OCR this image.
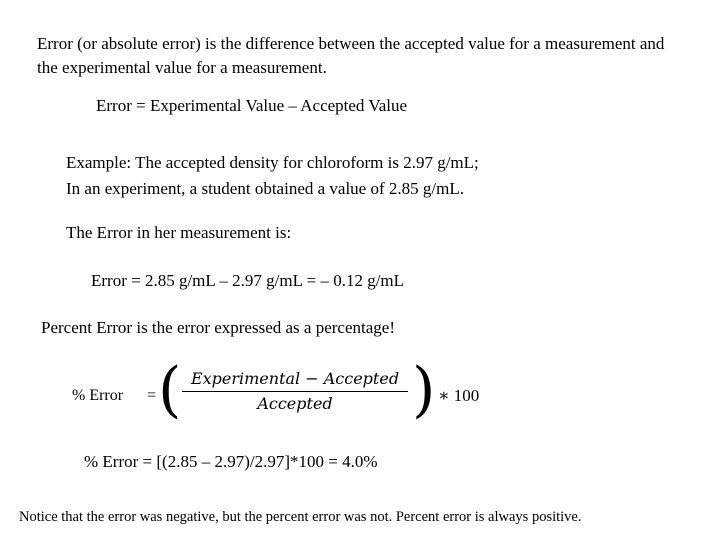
Error (or absolute error) is the difference between the accepted value for a measurement and the experimental value for a measurement.
Error = Experimental Value – Accepted Value
Example: The accepted density for chloroform is 2.97 g/mL;
In an experiment, a student obtained a value of 2.85 g/mL.
The Error in her measurement is:
Error = 2.85 g/mL – 2.97 g/mL = – 0.12 g/mL
Percent Error is the error expressed as a percentage!
% Error = ( Experimental − Accepted
Accepted	) ∗ 100
% Error = [(2.85 – 2.97)/2.97]*100 = 4.0%
Notice that the error was negative, but the percent error was not. Percent error is always positive.
